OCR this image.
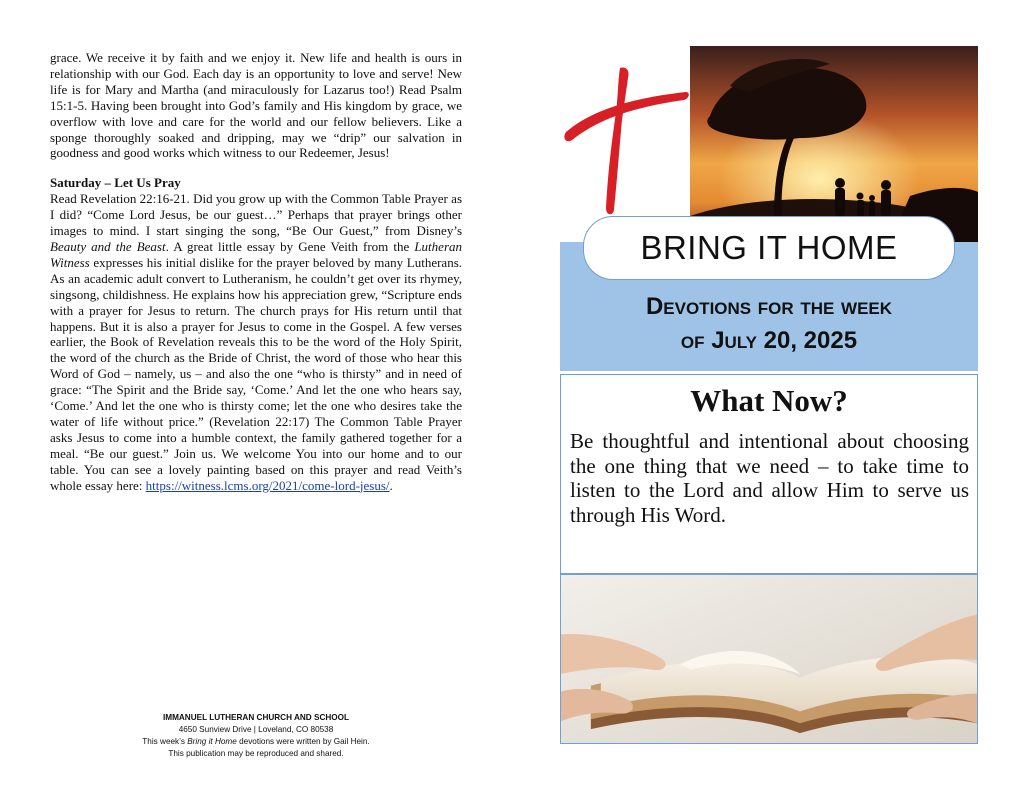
grace. We receive it by faith and we enjoy it. New life and health is ours in relationship with our God. Each day is an opportunity to love and serve! New life is for Mary and Martha (and miraculously for Lazarus too!) Read Psalm 15:1-5. Having been brought into God’s family and His kingdom by grace, we overflow with love and care for the world and our fellow believers. Like a sponge thoroughly soaked and dripping, may we “drip” our salvation in goodness and good works which witness to our Redeemer, Jesus!

Saturday – Let Us Pray

Read Revelation 22:16-21. Did you grow up with the Common Table Prayer as I did? “Come Lord Jesus, be our guest…” Perhaps that prayer brings other images to mind. I start singing the song, “Be Our Guest,” from Disney’s Beauty and the Beast. A great little essay by Gene Veith from the Lutheran Witness expresses his initial dislike for the prayer beloved by many Lutherans. As an academic adult convert to Lutheranism, he couldn’t get over its rhymey, singsong, childishness. He explains how his appreciation grew, “Scripture ends with a prayer for Jesus to return. The church prays for His return until that happens. But it is also a prayer for Jesus to come in the Gospel. A few verses earlier, the Book of Revelation reveals this to be the word of the Holy Spirit, the word of the church as the Bride of Christ, the word of those who hear this Word of God – namely, us – and also the one “who is thirsty” and in need of grace: “The Spirit and the Bride say, ‘Come.’ And let the one who hears say, ‘Come.’ And let the one who is thirsty come; let the one who desires take the water of life without price.” (Revelation 22:17) The Common Table Prayer asks Jesus to come into a humble context, the family gathered together for a meal. “Be our guest.” Join us. We welcome You into our home and to our table. You can see a lovely painting based on this prayer and read Veith’s whole essay here: https://witness.lcms.org/2021/come-lord-jesus/.

IMMANUEL LUTHERAN CHURCH AND SCHOOL
4650 Sunview Drive | Loveland, CO 80538
This week’s Bring it Home devotions were written by Gail Hein.
This publication may be reproduced and shared.
BRING IT HOME
Devotions for the week
of July 20, 2025
What Now?
Be thoughtful and intentional about choosing the one thing that we need – to take time to listen to the Lord and allow Him to serve us through His Word.
